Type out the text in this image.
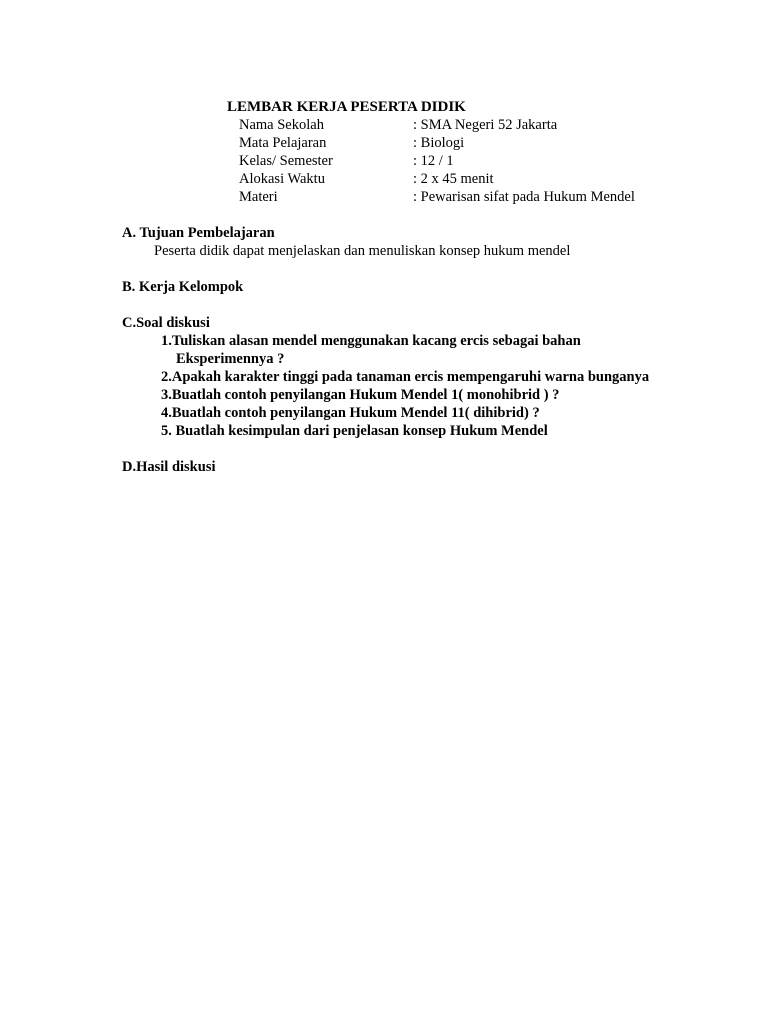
LEMBAR KERJA PESERTA DIDIK
Nama Sekolah	: SMA Negeri 52 Jakarta
Mata Pelajaran	: Biologi
Kelas/ Semester	: 12 / 1
Alokasi Waktu	: 2 x 45 menit
Materi	: Pewarisan sifat pada Hukum Mendel
A. Tujuan Pembelajaran
Peserta didik dapat menjelaskan dan menuliskan konsep hukum mendel
B. Kerja Kelompok
C.Soal diskusi
1.Tuliskan alasan mendel menggunakan kacang ercis sebagai bahan
Eksperimennya ?
2.Apakah karakter tinggi pada tanaman ercis mempengaruhi warna bunganya
3.Buatlah contoh penyilangan Hukum Mendel 1( monohibrid ) ?
4.Buatlah contoh penyilangan Hukum Mendel 11( dihibrid) ?
5. Buatlah kesimpulan dari penjelasan konsep Hukum Mendel
D.Hasil diskusi
